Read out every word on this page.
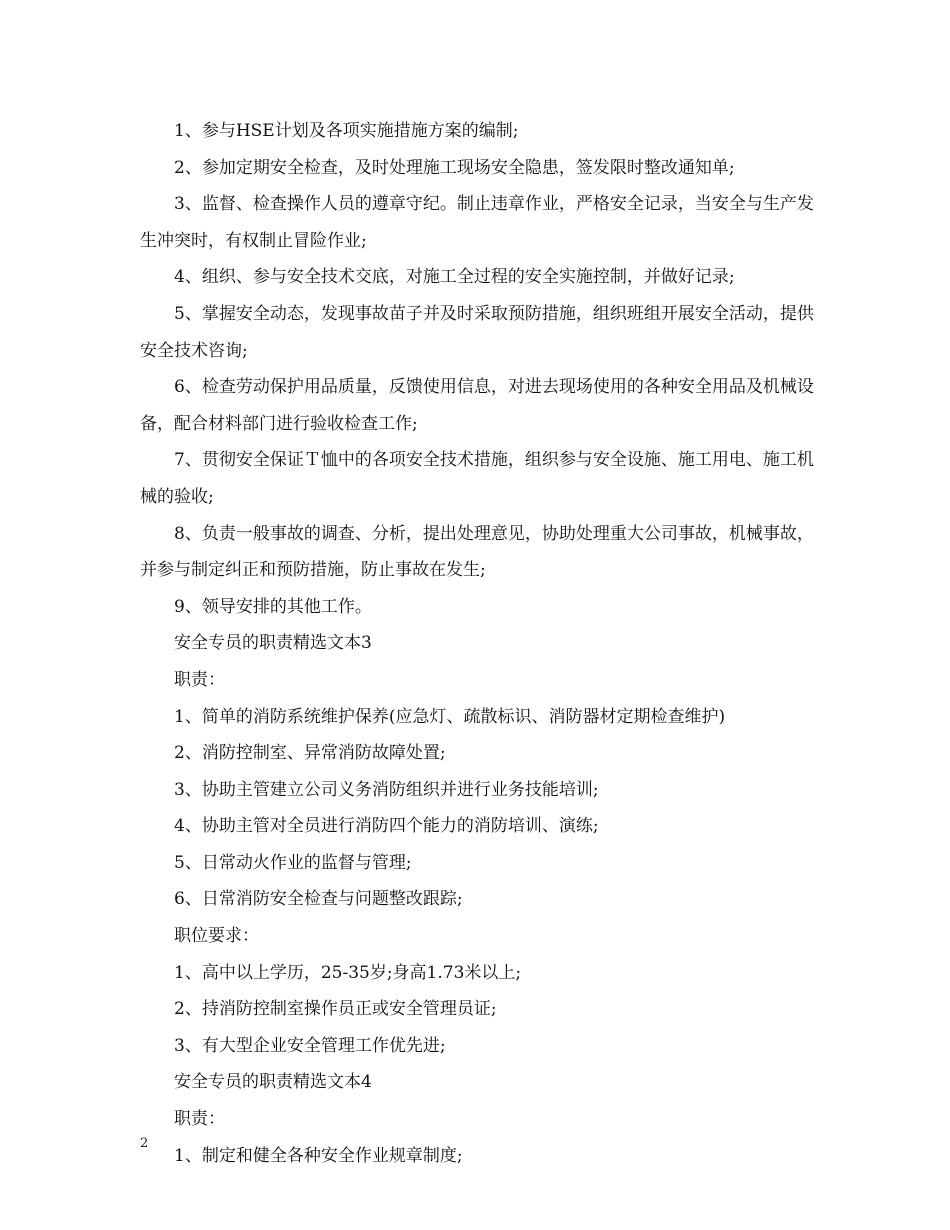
1、参与HSE计划及各项实施措施方案的编制;

2、参加定期安全检查，及时处理施工现场安全隐患，签发限时整改通知单;

3、监督、检查操作人员的遵章守纪。制止违章作业，严格安全记录，当安全与生产发生冲突时，有权制止冒险作业;

4、组织、参与安全技术交底，对施工全过程的安全实施控制，并做好记录;

5、掌握安全动态，发现事故苗子并及时采取预防措施，组织班组开展安全活动，提供安全技术咨询;

6、检查劳动保护用品质量，反馈使用信息，对进去现场使用的各种安全用品及机械设备，配合材料部门进行验收检查工作;

7、贯彻安全保证Ｔ恤中的各项安全技术措施，组织参与安全设施、施工用电、施工机械的验收;

8、负责一般事故的调查、分析，提出处理意见，协助处理重大公司事故，机械事故，并参与制定纠正和预防措施，防止事故在发生;

9、领导安排的其他工作。

安全专员的职责精选文本3

职责：

1、简单的消防系统维护保养(应急灯、疏散标识、消防器材定期检查维护)

2、消防控制室、异常消防故障处置;

3、协助主管建立公司义务消防组织并进行业务技能培训;

4、协助主管对全员进行消防四个能力的消防培训、演练;

5、日常动火作业的监督与管理;

6、日常消防安全检查与问题整改跟踪;

职位要求：

1、高中以上学历，25-35岁;身高1.73米以上;

2、持消防控制室操作员正或安全管理员证;

3、有大型企业安全管理工作优先进;

安全专员的职责精选文本4

职责：

1、制定和健全各种安全作业规章制度;

2
